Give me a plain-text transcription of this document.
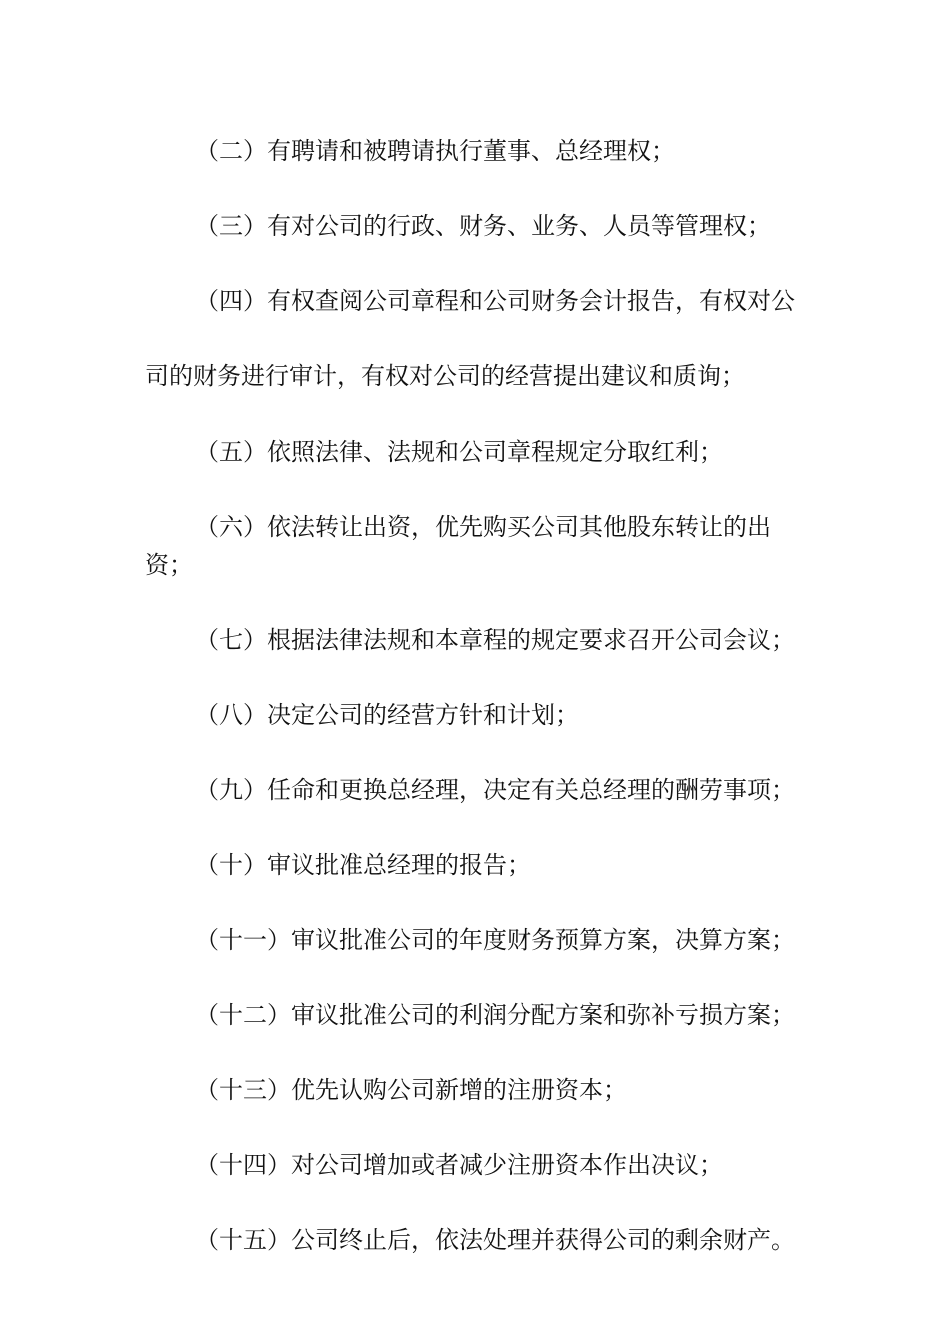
（二）有聘请和被聘请执行董事、总经理权；

（三）有对公司的行政、财务、业务、人员等管理权；

（四）有权查阅公司章程和公司财务会计报告，有权对公司的财务进行审计，有权对公司的经营提出建议和质询；

（五）依照法律、法规和公司章程规定分取红利；

（六）依法转让出资，优先购买公司其他股东转让的出资；

（七）根据法律法规和本章程的规定要求召开公司会议；

（八）决定公司的经营方针和计划；

（九）任命和更换总经理，决定有关总经理的酬劳事项；

（十）审议批准总经理的报告；

（十一）审议批准公司的年度财务预算方案，决算方案；

（十二）审议批准公司的利润分配方案和弥补亏损方案；

（十三）优先认购公司新增的注册资本；

（十四）对公司增加或者减少注册资本作出决议；

（十五）公司终止后，依法处理并获得公司的剩余财产。
